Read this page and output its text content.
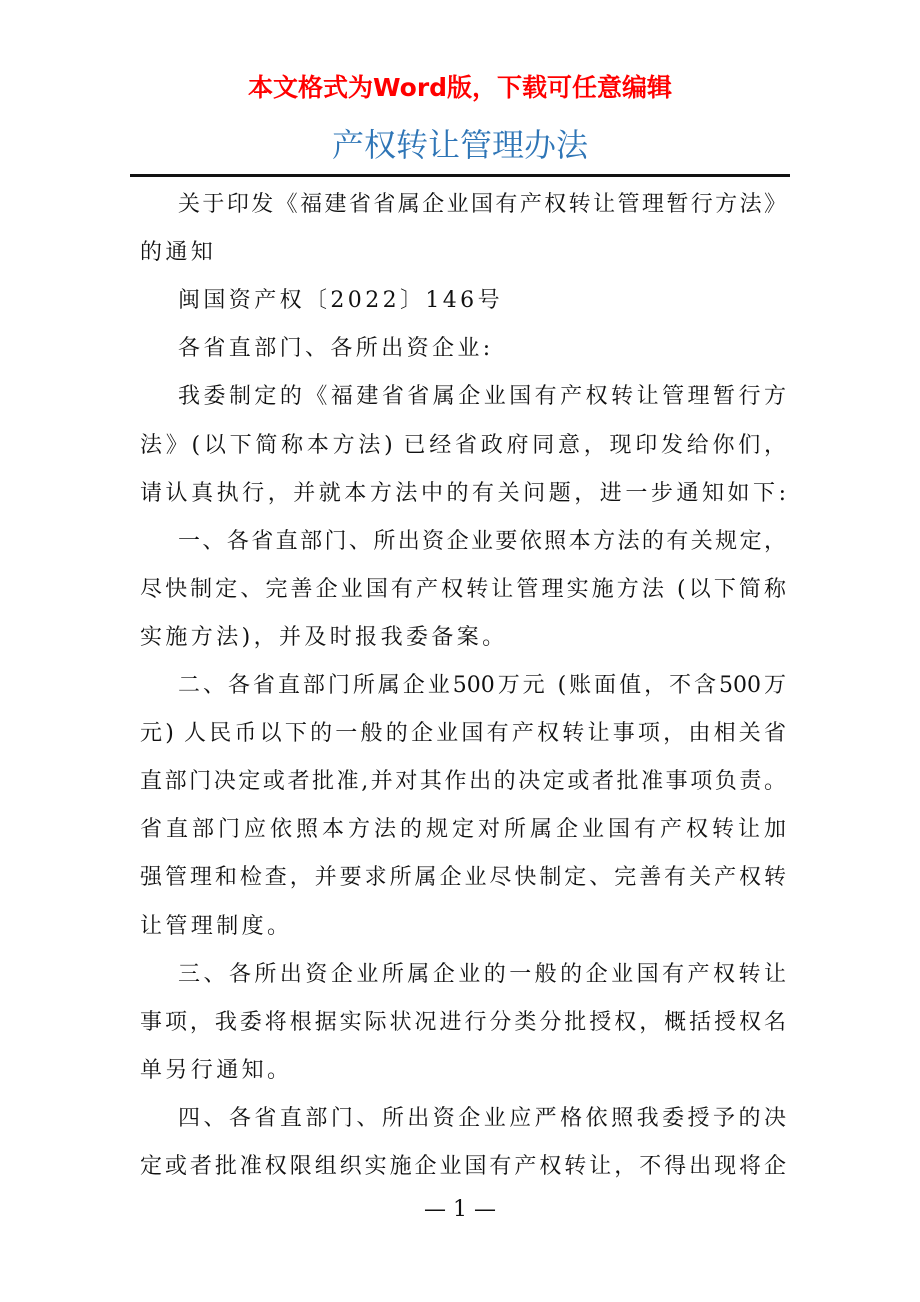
本文格式为Word版，下载可任意编辑
产权转让管理办法
关于印发《福建省省属企业国有产权转让管理暂行方法》
的通知
闽国资产权〔2022〕146号
各省直部门、各所出资企业:
我委制定的《福建省省属企业国有产权转让管理暂行方
法》(以下简称本方法) 已经省政府同意，现印发给你们，
请认真执行，并就本方法中的有关问题，进一步通知如下:
一、各省直部门、所出资企业要依照本方法的有关规定，
尽快制定、完善企业国有产权转让管理实施方法 (以下简称
实施方法)，并及时报我委备案。
二、各省直部门所属企业500万元 (账面值，不含500万
元) 人民币以下的一般的企业国有产权转让事项，由相关省
直部门决定或者批准,并对其作出的决定或者批准事项负责。
省直部门应依照本方法的规定对所属企业国有产权转让加
强管理和检查，并要求所属企业尽快制定、完善有关产权转
让管理制度。
三、各所出资企业所属企业的一般的企业国有产权转让
事项，我委将根据实际状况进行分类分批授权，概括授权名
单另行通知。
四、各省直部门、所出资企业应严格依照我委授予的决
定或者批准权限组织实施企业国有产权转让，不得出现将企
— 1 —
